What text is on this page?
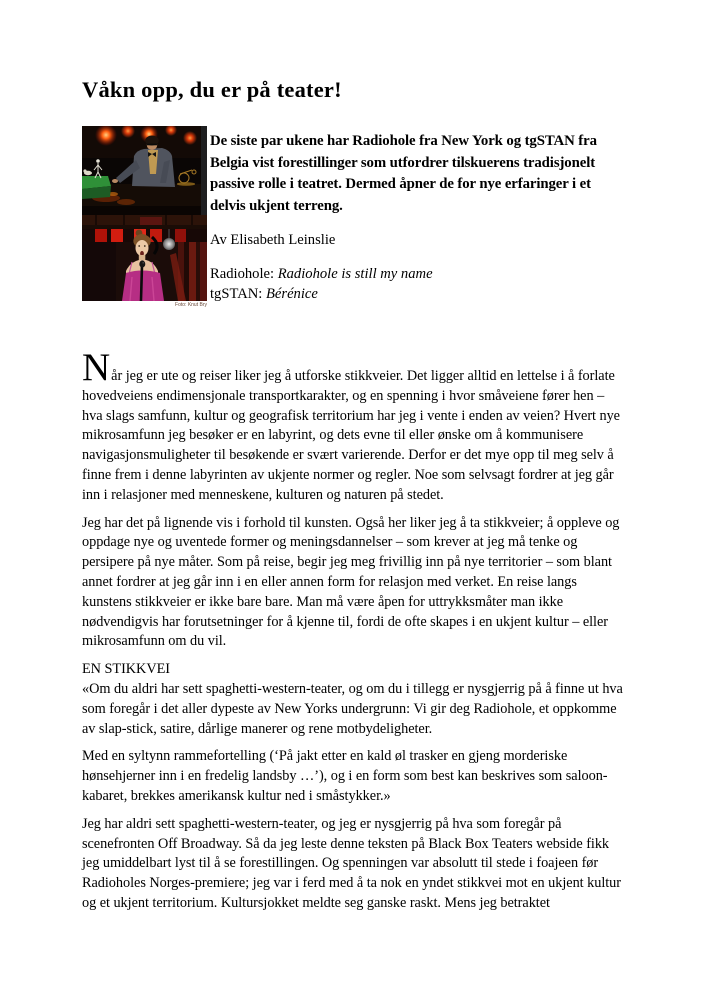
Våkn opp, du er på teater!
Foto: Knut Bry

De siste par ukene har Radiohole fra New York og tgSTAN fra Belgia vist forestillinger som utfordrer tilskuerens tradisjonelt passive rolle i teatret. Dermed åpner de for nye erfaringer i et delvis ukjent terreng.

Av Elisabeth Leinslie

Radiohole: Radiohole is still my name
tgSTAN: Bérénice

Når jeg er ute og reiser liker jeg å utforske stikkveier. Det ligger alltid en lettelse i å forlate hovedveiens endimensjonale transportkarakter, og en spenning i hvor småveiene fører hen – hva slags samfunn, kultur og geografisk territorium har jeg i vente i enden av veien? Hvert nye mikrosamfunn jeg besøker er en labyrint, og dets evne til eller ønske om å kommunisere navigasjonsmuligheter til besøkende er svært varierende. Derfor er det mye opp til meg selv å finne frem i denne labyrinten av ukjente normer og regler. Noe som selvsagt fordrer at jeg går inn i relasjoner med menneskene, kulturen og naturen på stedet.

Jeg har det på lignende vis i forhold til kunsten. Også her liker jeg å ta stikkveier; å oppleve og oppdage nye og uventede former og meningsdannelser – som krever at jeg må tenke og persipere på nye måter. Som på reise, begir jeg meg frivillig inn på nye territorier – som blant annet fordrer at jeg går inn i en eller annen form for relasjon med verket. En reise langs kunstens stikkveier er ikke bare bare. Man må være åpen for uttrykksmåter man ikke nødvendigvis har forutsetninger for å kjenne til, fordi de ofte skapes i en ukjent kultur – eller mikrosamfunn om du vil.

EN STIKKVEI

«Om du aldri har sett spaghetti-western-teater, og om du i tillegg er nysgjerrig på å finne ut hva som foregår i det aller dypeste av New Yorks undergrunn: Vi gir deg Radiohole, et oppkomme av slap-stick, satire, dårlige manerer og rene motbydeligheter.

Med en syltynn rammefortelling (‘På jakt etter en kald øl trasker en gjeng morderiske hønsehjerner inn i en fredelig landsby …’), og i en form som best kan beskrives som saloon-kabaret, brekkes amerikansk kultur ned i småstykker.»

Jeg har aldri sett spaghetti-western-teater, og jeg er nysgjerrig på hva som foregår på scenefronten Off Broadway. Så da jeg leste denne teksten på Black Box Teaters webside fikk jeg umiddelbart lyst til å se forestillingen. Og spenningen var absolutt til stede i foajeen før Radioholes Norges-premiere; jeg var i ferd med å ta nok en yndet stikkvei mot en ukjent kultur og et ukjent territorium. Kultursjokket meldte seg ganske raskt. Mens jeg betraktet
